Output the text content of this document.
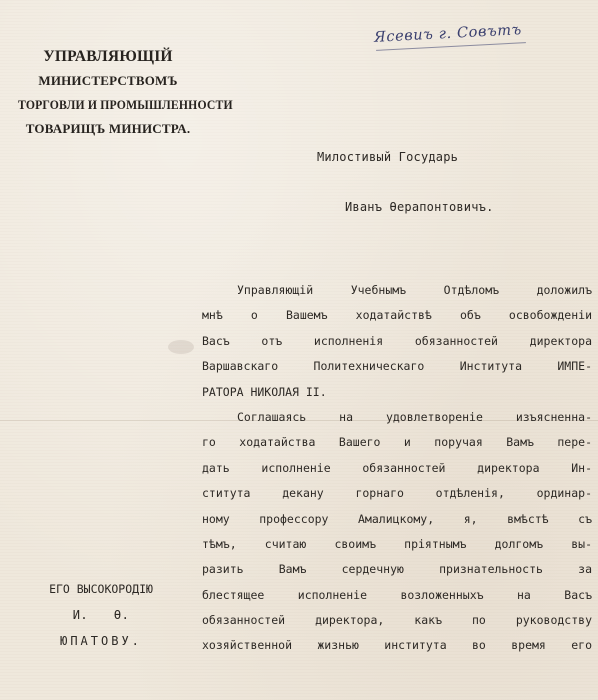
УПРАВЛЯЮЩІЙ
МИНИСТЕРСТВОМЪ
ТОРГОВЛИ И ПРОМЫШЛЕННОСТИ
ТОВАРИЩЪ МИНИСТРА.
Ясевиъ г. Совътъ
Милостивый Государь
Иванъ Ѳерапонтовичъ.
Управляющій Учебнымъ Отдѣломъ доложилъ
мнѣ о Вашемъ ходатайствѣ объ освобожденіи
Васъ отъ исполненія обязанностей директора
Варшавскаго Политехническаго Института ИМПЕ-
РАТОРА НИКОЛАЯ II.
Соглашаясь на удовлетвореніе изъясненна-
го ходатайства Вашего и поручая Вамъ пере-
дать исполненіе обязанностей директора Ин-
ститута декану горнаго отдѣленія, ординар-
ному профессору Амалицкому, я, вмѣстѣ съ
тѣмъ, считаю своимъ пріятнымъ долгомъ вы-
разить Вамъ сердечную признательность за
блестящее исполненіе возложенныхъ на Васъ
обязанностей директора, какъ по руководству
хозяйственной жизнью института во время его
ЕГО ВЫСОКОРОДІЮ
И. Ѳ.
ЮПАТОВУ.
